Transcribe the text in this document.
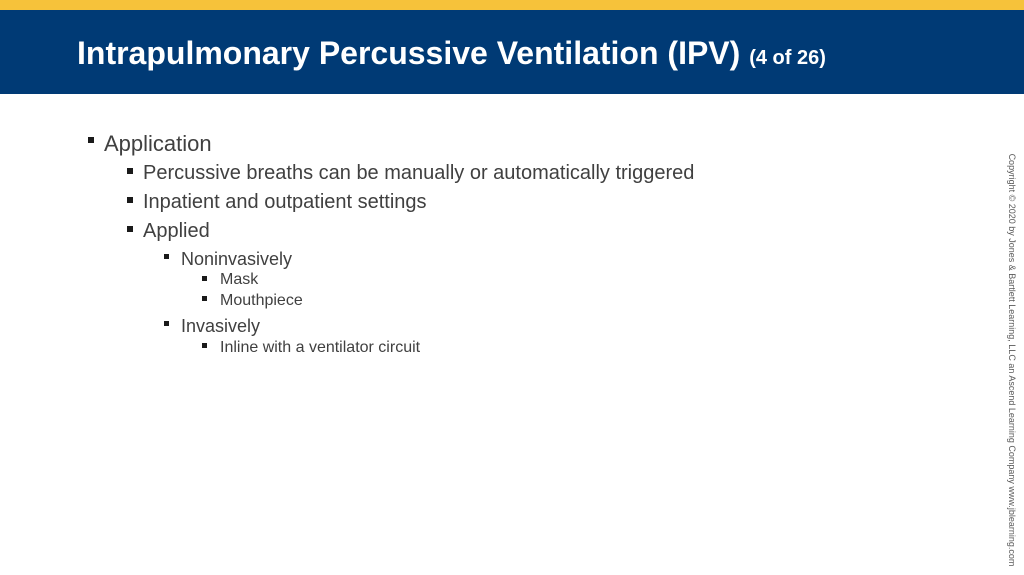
Intrapulmonary Percussive Ventilation (IPV) (4 of 26)
Application
Percussive breaths can be manually or automatically triggered
Inpatient and outpatient settings
Applied
Noninvasively
Mask
Mouthpiece
Invasively
Inline with a ventilator circuit	Copyright © 2020 by Jones & Bartlett Learning, LLC an Ascend Learning Company www.jblearning.com
